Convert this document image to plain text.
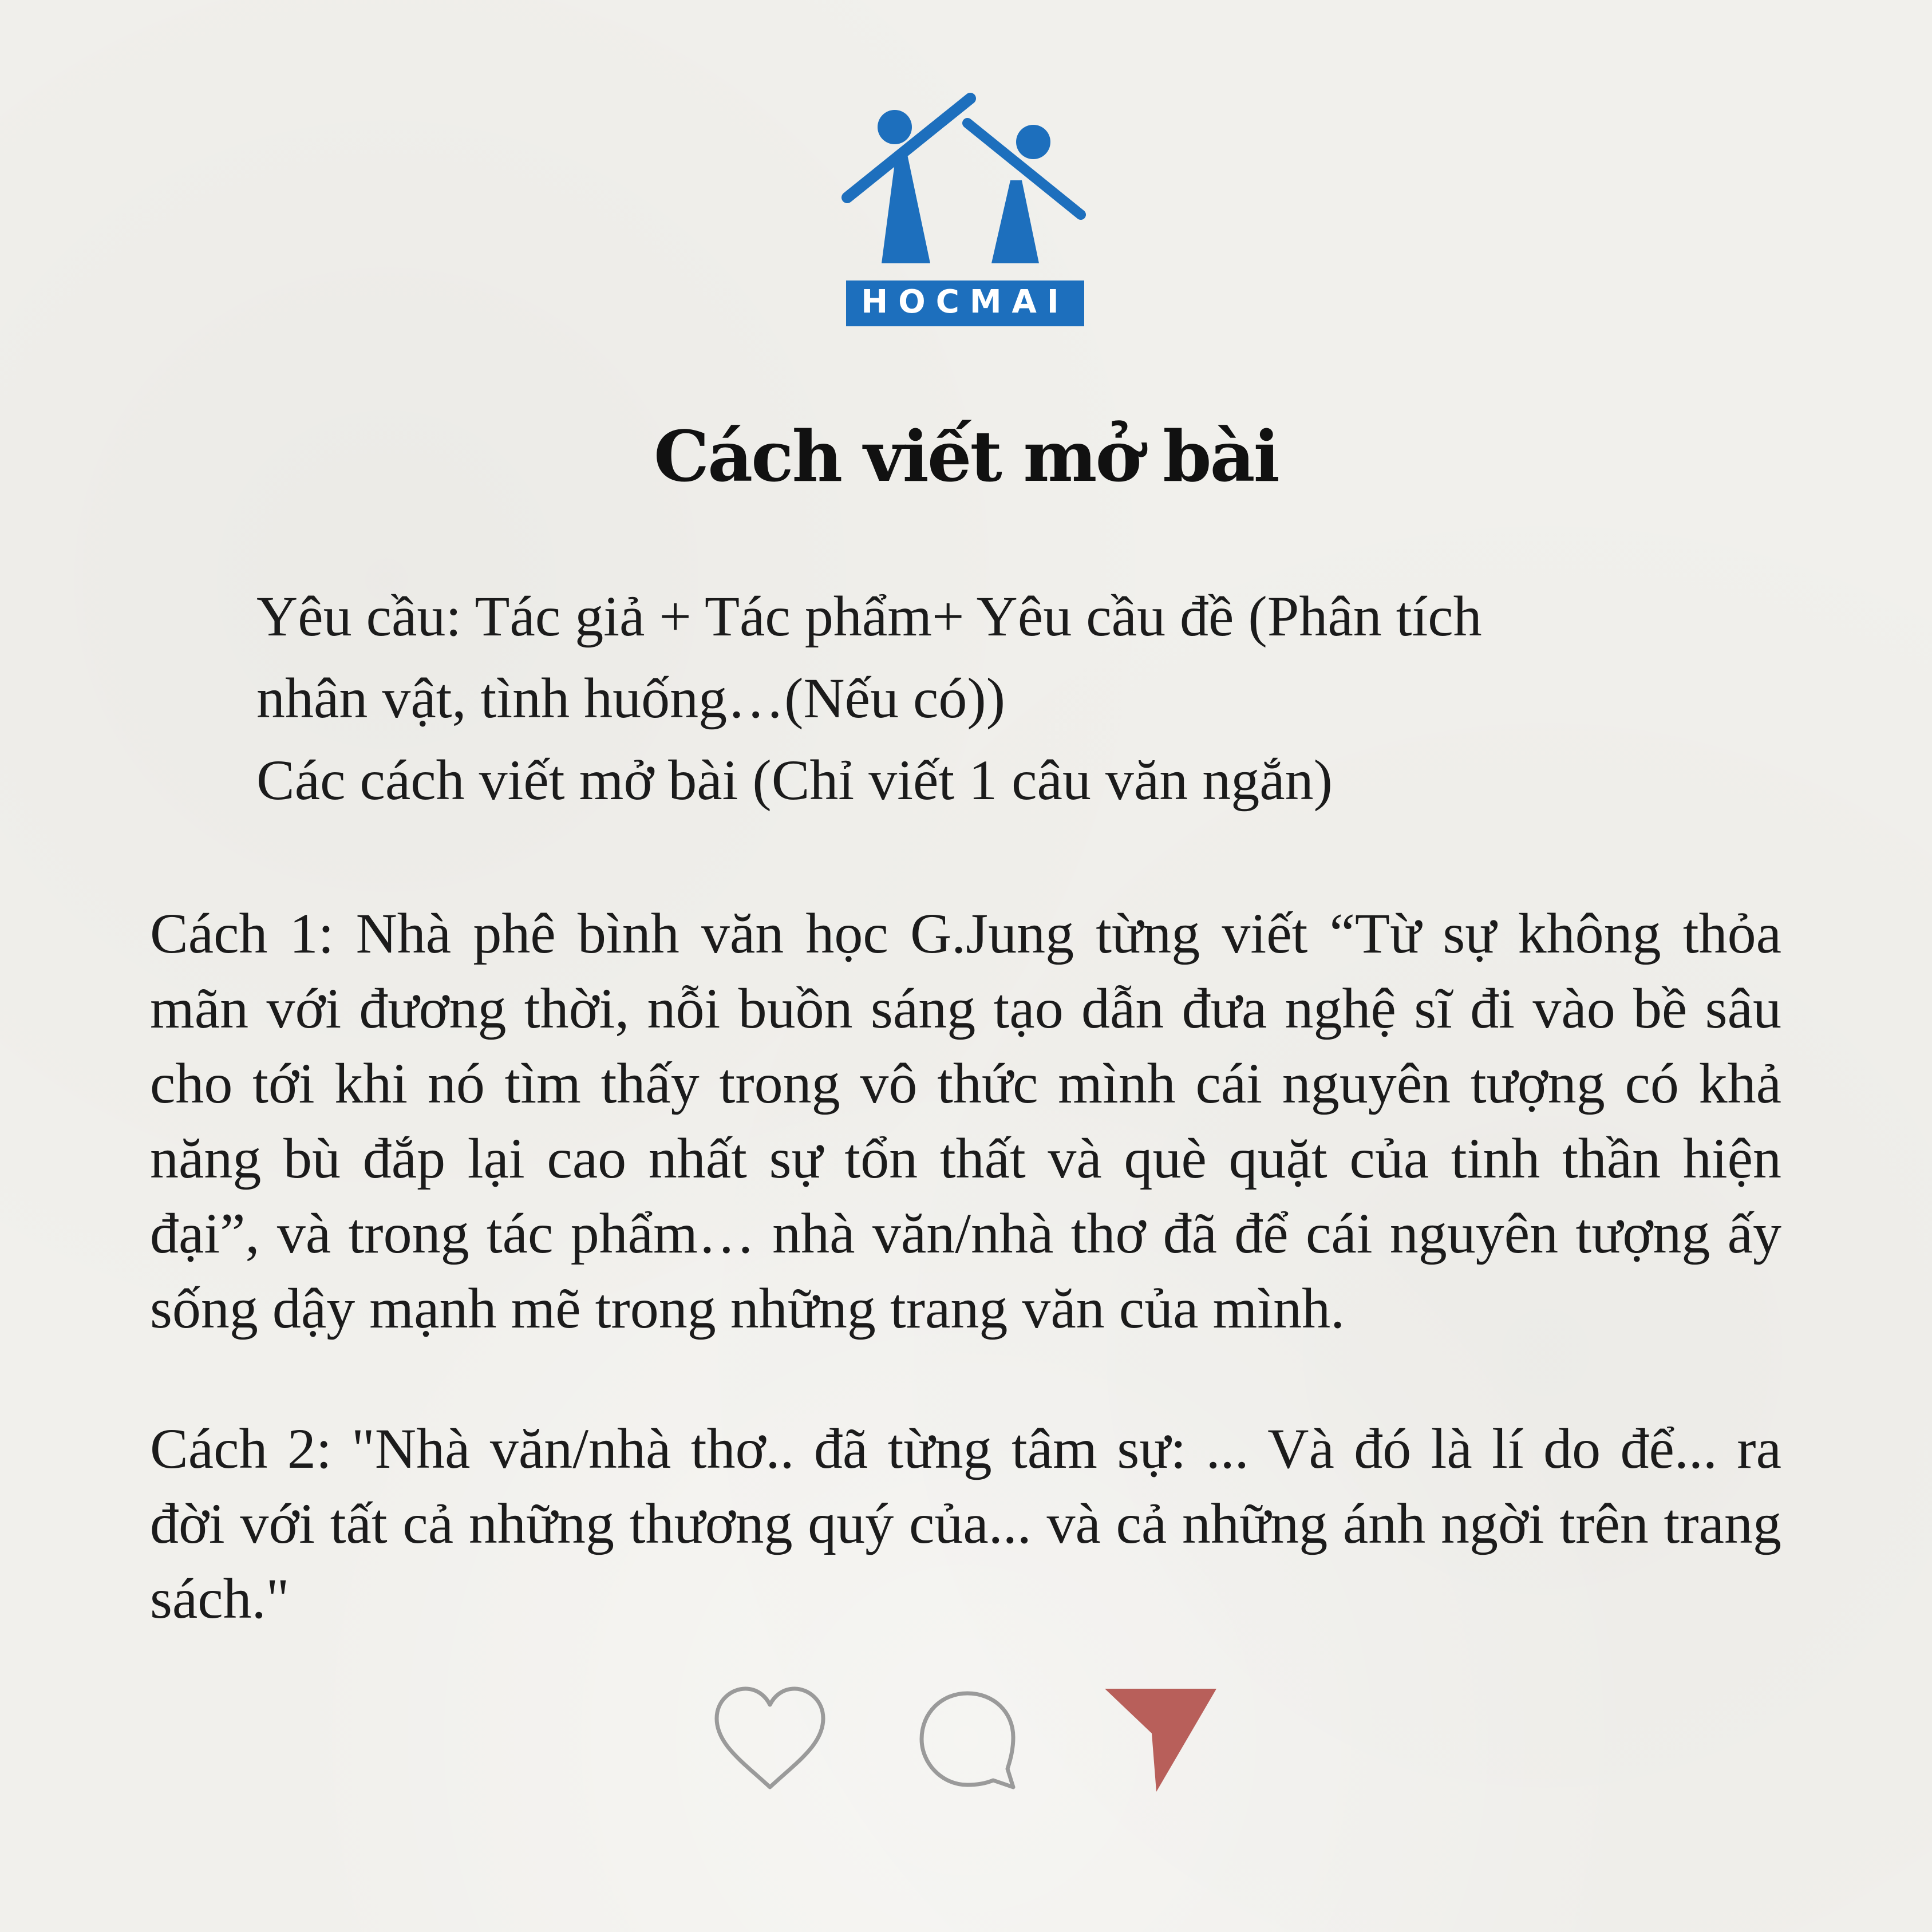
HOCMAI
Cách viết mở bài
Yêu cầu: Tác giả + Tác phẩm+ Yêu cầu đề (Phân tích
nhân vật, tình huống…(Nếu có))
Các cách viết mở bài (Chỉ viết 1 câu văn ngắn)
Cách 1: Nhà phê bình văn học G.Jung từng viết “Từ sự không thỏa mãn với đương thời, nỗi buồn sáng tạo dẫn đưa nghệ sĩ đi vào bề sâu cho tới khi nó tìm thấy trong vô thức mình cái nguyên tượng có khả năng bù đắp lại cao nhất sự tổn thất và què quặt của tinh thần hiện đại”, và trong tác phẩm… nhà văn/nhà thơ đã để cái nguyên tượng ấy sống dậy mạnh mẽ trong những trang văn của mình.
Cách 2: "Nhà văn/nhà thơ.. đã từng tâm sự: ... Và đó là lí do để... ra đời với tất cả những thương quý của... và cả những ánh ngời trên trang sách."
